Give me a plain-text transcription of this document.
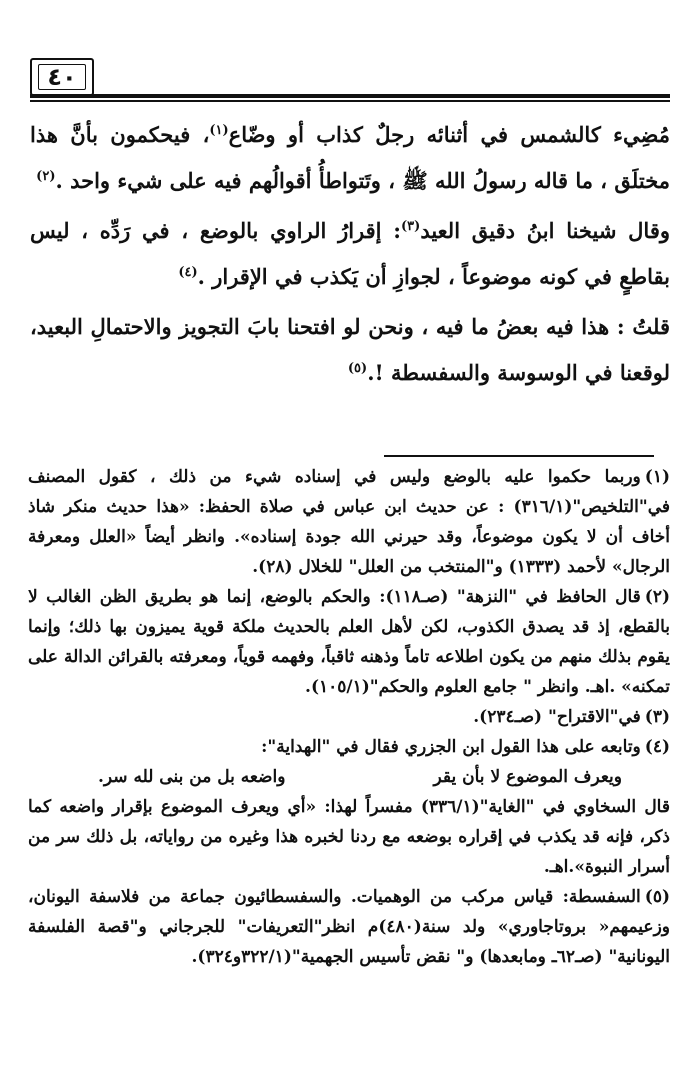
٤٠

مُضِيء كالشمس في أثنائه رجلٌ كذاب أو وضّاع$^{(١)}$، فيحكمون بأنَّ هذا مختلَق ، ما قاله رسولُ الله ﷺ ، وتَتواطأُ أقوالُهم فيه على شيء واحد .$^{(٢)}$

وقال شيخنا ابنُ دقيق العيد$^{(٣)}$: إقرارُ الراوي بالوضع ، في رَدِّه ، ليس بقاطعٍ في كونه موضوعاً ، لجوازِ أن يَكذب في الإقرار .$^{(٤)}$

قلتُ : هذا فيه بعضُ ما فيه ، ونحن لو افتحنا بابَ التجويز والاحتمالِ البعيد، لوقعنا في الوسوسة والسفسطة !.$^{(٥)}$

(١)وربما حكموا عليه بالوضع وليس في إسناده شيء من ذلك ، كقول المصنف في"التلخيص"(٣١٦/١) : عن حديث ابن عباس في صلاة الحفظ: «هذا حديث منكر شاذ أخاف أن لا يكون موضوعاً، وقد حيرني الله جودة إسناده». وانظر أيضاً «العلل ومعرفة الرجال» لأحمد (١٣٣٣) و"المنتخب من العلل" للخلال (٢٨).

(٢)قال الحافظ في "النزهة" (صـ١١٨): والحكم بالوضع، إنما هو بطريق الظن الغالب لا بالقطع، إذ قد يصدق الكذوب، لكن لأهل العلم بالحديث ملكة قوية يميزون بها ذلك؛ وإنما يقوم بذلك منهم من يكون اطلاعه تاماً وذهنه ثاقباً، وفهمه قوياً، ومعرفته بالقرائن الدالة على تمكنه» .اهـ. وانظر " جامع العلوم والحكم"(١٠٥/١).

(٣)في"الاقتراح" (صـ٢٣٤).

(٤)وتابعه على هذا القول ابن الجزري فقال في "الهداية":

ويعرف الموضوع لا بأن يقر
واضعه بل من بنى لله سر.

قال السخاوي في "الغاية"(٣٣٦/١) مفسراً لهذا: «أي ويعرف الموضوع بإقرار واضعه كما ذكر، فإنه قد يكذب في إقراره بوضعه مع ردنا لخبره هذا وغيره من رواياته، بل ذلك سر من أسرار النبوة».اهـ.

(٥)السفسطة: قياس مركب من الوهميات. والسفسطائيون جماعة من فلاسفة اليونان، وزعيمهم« بروتاجاوري» ولد سنة(٤٨٠)م انظر"التعريفات" للجرجاني و"قصة الفلسفة اليونانية" (صـ٦٢ـ ومابعدها) و" نقض تأسيس الجهمية"(٣٢٢/١و٣٢٤).
